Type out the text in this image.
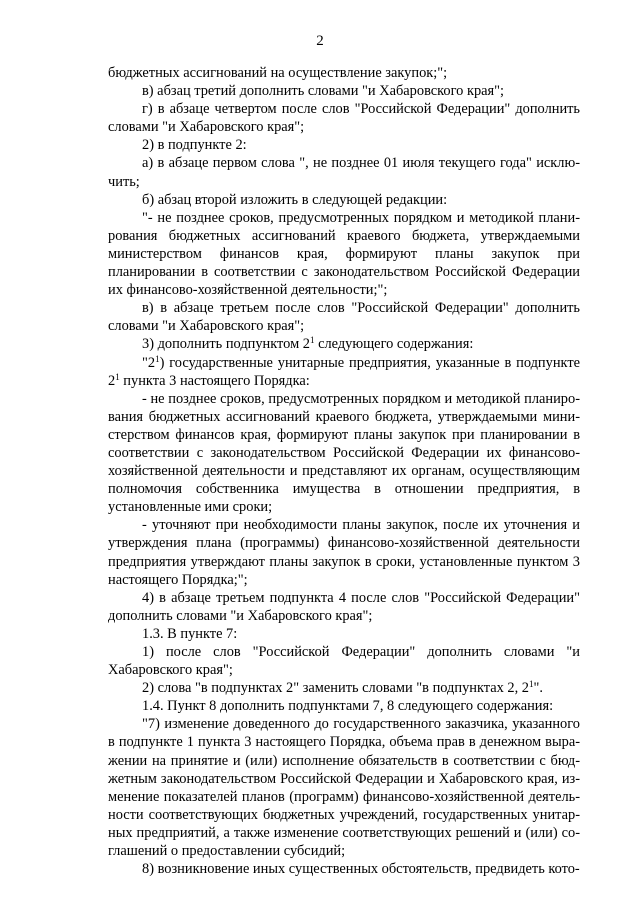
2

бюджетных ассигнований на осуществление закупок;";

в) абзац третий дополнить словами "и Хабаровского края";

г) в абзаце четвертом после слов "Российской Федерации" дополнить словами "и Хабаровского края";

2) в подпункте 2:

а) в абзаце первом слова ", не позднее 01 июля текущего года" исключить;

б) абзац второй изложить в следующей редакции:

"- не позднее сроков, предусмотренных порядком и методикой планирования бюджетных ассигнований краевого бюджета, утверждаемыми министерством финансов края, формируют планы закупок при планировании в соответствии с законодательством Российской Федерации их финансово-хозяйственной деятельности;";

в) в абзаце третьем после слов "Российской Федерации" дополнить словами "и Хабаровского края";

3) дополнить подпунктом $2^1$ следующего содержания:

"$2^1$) государственные унитарные предприятия, указанные в подпункте $2^1$ пункта 3 настоящего Порядка:

- не позднее сроков, предусмотренных порядком и методикой планирования бюджетных ассигнований краевого бюджета, утверждаемыми министерством финансов края, формируют планы закупок при планировании в соответствии с законодательством Российской Федерации их финансово-хозяйственной деятельности и представляют их органам, осуществляющим полномочия собственника имущества в отношении предприятия, в установленные ими сроки;

- уточняют при необходимости планы закупок, после их уточнения и утверждения плана (программы) финансово-хозяйственной деятельности предприятия утверждают планы закупок в сроки, установленные пунктом 3 настоящего Порядка;";

4) в абзаце третьем подпункта 4 после слов "Российской Федерации" дополнить словами "и Хабаровского края";

1.3. В пункте 7:

1) после слов "Российской Федерации" дополнить словами "и Хабаровского края";

2) слова "в подпунктах 2" заменить словами "в подпунктах 2, $2^1$".

1.4. Пункт 8 дополнить подпунктами 7, 8 следующего содержания:

"7) изменение доведенного до государственного заказчика, указанного в подпункте 1 пункта 3 настоящего Порядка, объема прав в денежном выражении на принятие и (или) исполнение обязательств в соответствии с бюджетным законодательством Российской Федерации и Хабаровского края, изменение показателей планов (программ) финансово-хозяйственной деятельности соответствующих бюджетных учреждений, государственных унитарных предприятий, а также изменение соответствующих решений и (или) соглашений о предоставлении субсидий;

8) возникновение иных существенных обстоятельств, предвидеть кото-
